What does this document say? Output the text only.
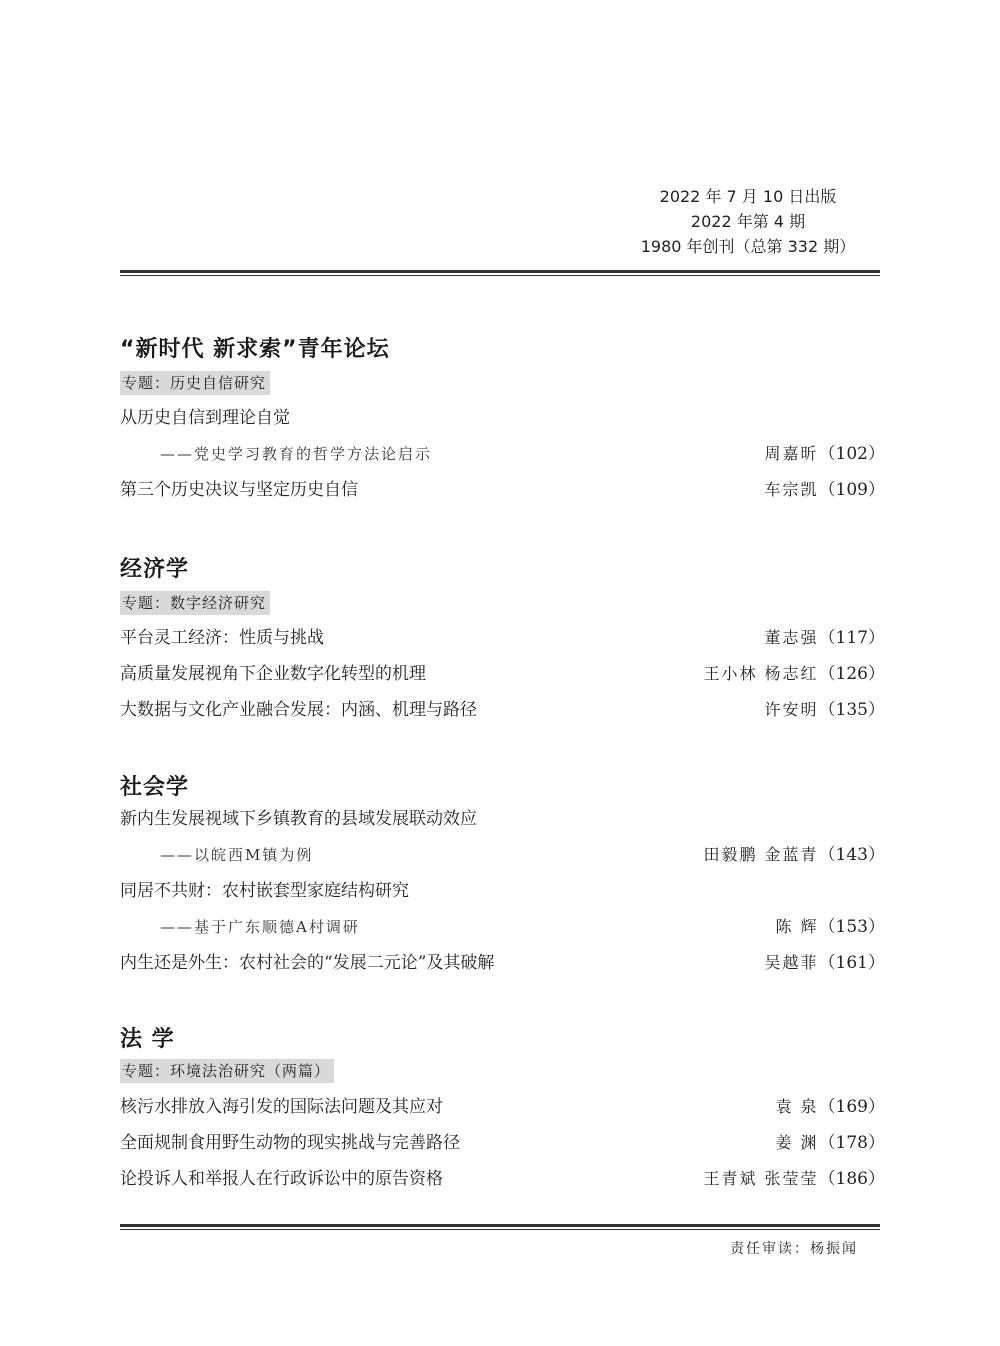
2022 年 7 月 10 日出版
2022 年第 4 期
1980 年创刊（总第 332 期）
“新时代 新求索”青年论坛
专题：历史自信研究
从历史自信到理论自觉
——党史学习教育的哲学方法论启示	周嘉昕（102）
第三个历史决议与坚定历史自信	车宗凯（109）
经济学
专题：数字经济研究
平台灵工经济：性质与挑战	董志强（117）
高质量发展视角下企业数字化转型的机理	王小林 杨志红（126）
大数据与文化产业融合发展：内涵、机理与路径	许安明（135）
社会学
新内生发展视域下乡镇教育的县域发展联动效应
——以皖西M镇为例	田毅鹏 金蓝青（143）
同居不共财：农村嵌套型家庭结构研究
——基于广东顺德A村调研	陈 辉（153）
内生还是外生：农村社会的“发展二元论”及其破解	吴越菲（161）
法 学
专题：环境法治研究（两篇）
核污水排放入海引发的国际法问题及其应对	袁 泉（169）
全面规制食用野生动物的现实挑战与完善路径	姜 渊（178）
论投诉人和举报人在行政诉讼中的原告资格	王青斌 张莹莹（186）
责任审读：杨振闻
